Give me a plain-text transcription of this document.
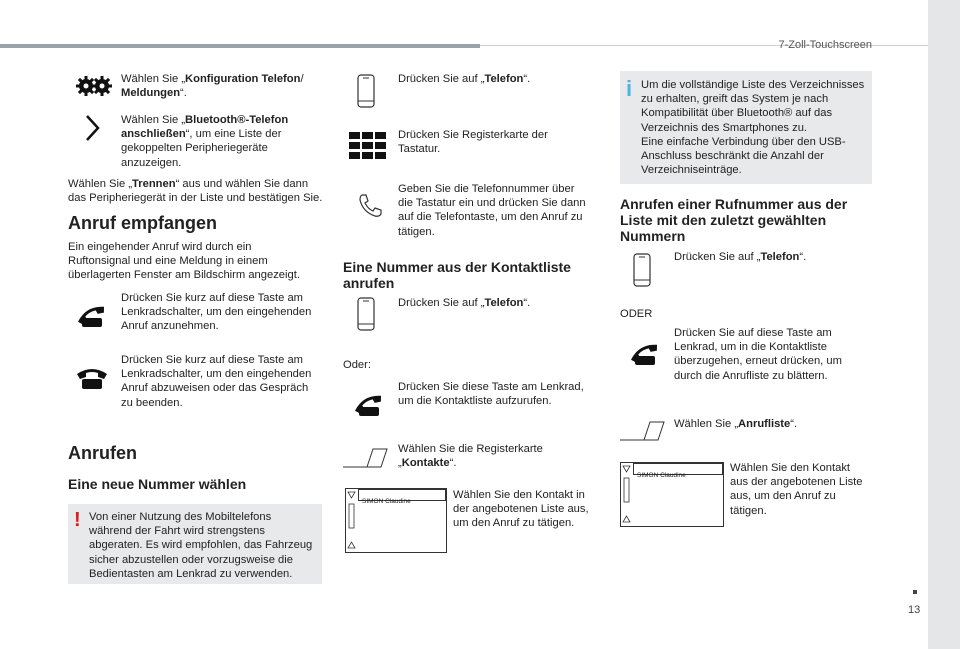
7-Zoll-Touchscreen
13
Wählen Sie „Konfiguration Telefon/
Meldungen“.
Wählen Sie „Bluetooth®-Telefon
anschließen“, um eine Liste der
gekoppelten Peripheriegeräte
anzuzeigen.
Wählen Sie „Trennen“ aus und wählen Sie dann
das Peripheriegerät in der Liste und bestätigen Sie.
Anruf empfangen
Ein eingehender Anruf wird durch ein
Ruftonsignal und eine Meldung in einem
überlagerten Fenster am Bildschirm angezeigt.
Drücken Sie kurz auf diese Taste am
Lenkradschalter, um den eingehenden
Anruf anzunehmen.
Drücken Sie kurz auf diese Taste am
Lenkradschalter, um den eingehenden
Anruf abzuweisen oder das Gespräch
zu beenden.
Anrufen
Eine neue Nummer wählen
! Von einer Nutzung des Mobiltelefons
während der Fahrt wird strengstens
abgeraten. Es wird empfohlen, das Fahrzeug
sicher abzustellen oder vorzugsweise die
Bedientasten am Lenkrad zu verwenden.
Drücken Sie auf „Telefon“.
Drücken Sie Registerkarte der
Tastatur.
Geben Sie die Telefonnummer über
die Tastatur ein und drücken Sie dann
auf die Telefontaste, um den Anruf zu
tätigen.
Eine Nummer aus der Kontaktliste
anrufen
Drücken Sie auf „Telefon“.
Oder:
Drücken Sie diese Taste am Lenkrad,
um die Kontaktliste aufzurufen.
Wählen Sie die Registerkarte
„Kontakte“.
SIMON Claudine
Wählen Sie den Kontakt in
der angebotenen Liste aus,
um den Anruf zu tätigen.
i Um die vollständige Liste des Verzeichnisses
zu erhalten, greift das System je nach
Kompatibilität über Bluetooth® auf das
Verzeichnis des Smartphones zu.
Eine einfache Verbindung über den USB-
Anschluss beschränkt die Anzahl der
Verzeichniseinträge.
Anrufen einer Rufnummer aus der
Liste mit den zuletzt gewählten
Nummern
Drücken Sie auf „Telefon“.
ODER
Drücken Sie auf diese Taste am
Lenkrad, um in die Kontaktliste
überzugehen, erneut drücken, um
durch die Anrufliste zu blättern.
Wählen Sie „Anrufliste“.
SIMON Claudine
Wählen Sie den Kontakt
aus der angebotenen Liste
aus, um den Anruf zu
tätigen.
